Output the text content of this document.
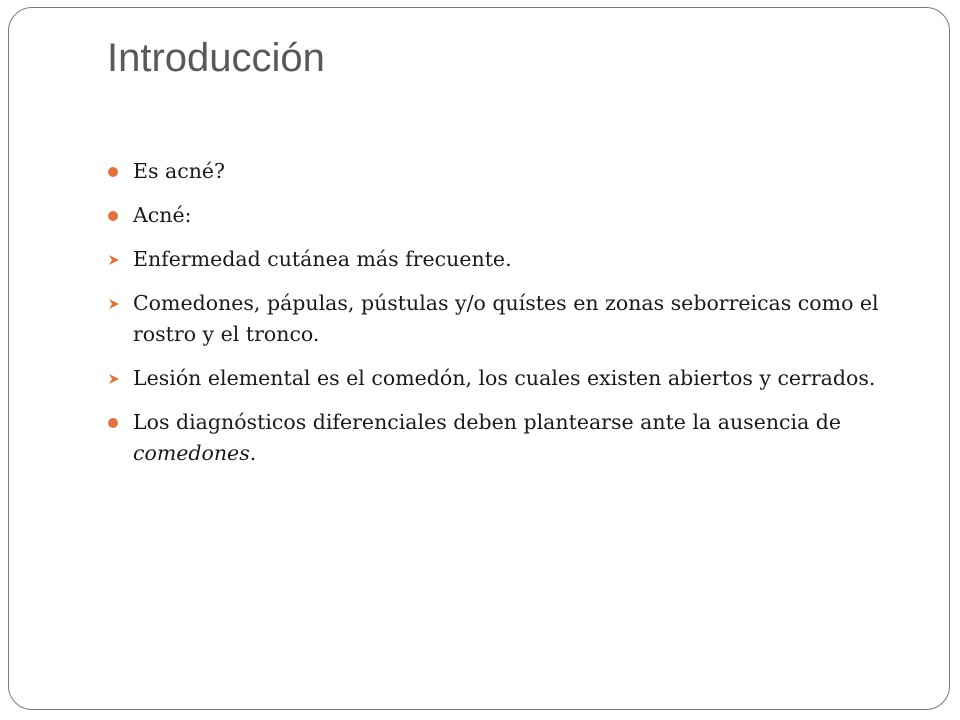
Introducción
Es acné?
Acné:
Enfermedad cutánea más frecuente.
Comedones, pápulas, pústulas y/o quístes en zonas seborreicas como el rostro y el tronco.
Lesión elemental es el comedón, los cuales existen abiertos y cerrados.
Los diagnósticos diferenciales deben plantearse ante la ausencia de comedones.
